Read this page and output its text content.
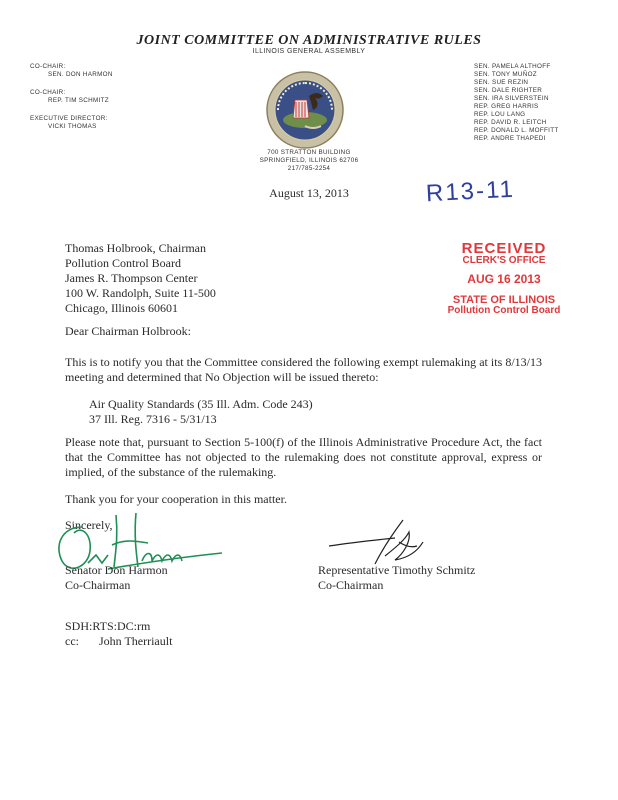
JOINT COMMITTEE ON ADMINISTRATIVE RULES
ILLINOIS GENERAL ASSEMBLY
CO-CHAIR:
SEN. DON HARMON
CO-CHAIR:
REP. TIM SCHMITZ
EXECUTIVE DIRECTOR:
VICKI THOMAS
SEN. PAMELA ALTHOFF
SEN. TONY MUÑOZ
SEN. SUE REZIN
SEN. DALE RIGHTER
SEN. IRA SILVERSTEIN
REP. GREG HARRIS
REP. LOU LANG
REP. DAVID R. LEITCH
REP. DONALD L. MOFFITT
REP. ANDRE THAPEDI
700 STRATTON BUILDING
SPRINGFIELD, ILLINOIS 62706
217/785-2254
August 13, 2013	R13-11
Thomas Holbrook, Chairman
Pollution Control Board
James R. Thompson Center
100 W. Randolph, Suite 11-500
Chicago, Illinois 60601
RECEIVED
CLERK'S OFFICE
AUG 16 2013
STATE OF ILLINOIS
Pollution Control Board
Dear Chairman Holbrook:
This is to notify you that the Committee considered the following exempt rulemaking at its 8/13/13 meeting and determined that No Objection will be issued thereto:
Air Quality Standards (35 Ill. Adm. Code 243)
37 Ill. Reg. 7316 - 5/31/13
Please note that, pursuant to Section 5-100(f) of the Illinois Administrative Procedure Act, the fact that the Committee has not objected to the rulemaking does not constitute approval, express or implied, of the substance of the rulemaking.
Thank you for your cooperation in this matter.
Sincerely,
Senator Don Harmon
Co-Chairman
Representative Timothy Schmitz
Co-Chairman
SDH:RTS:DC:rm
cc: John Therriault
